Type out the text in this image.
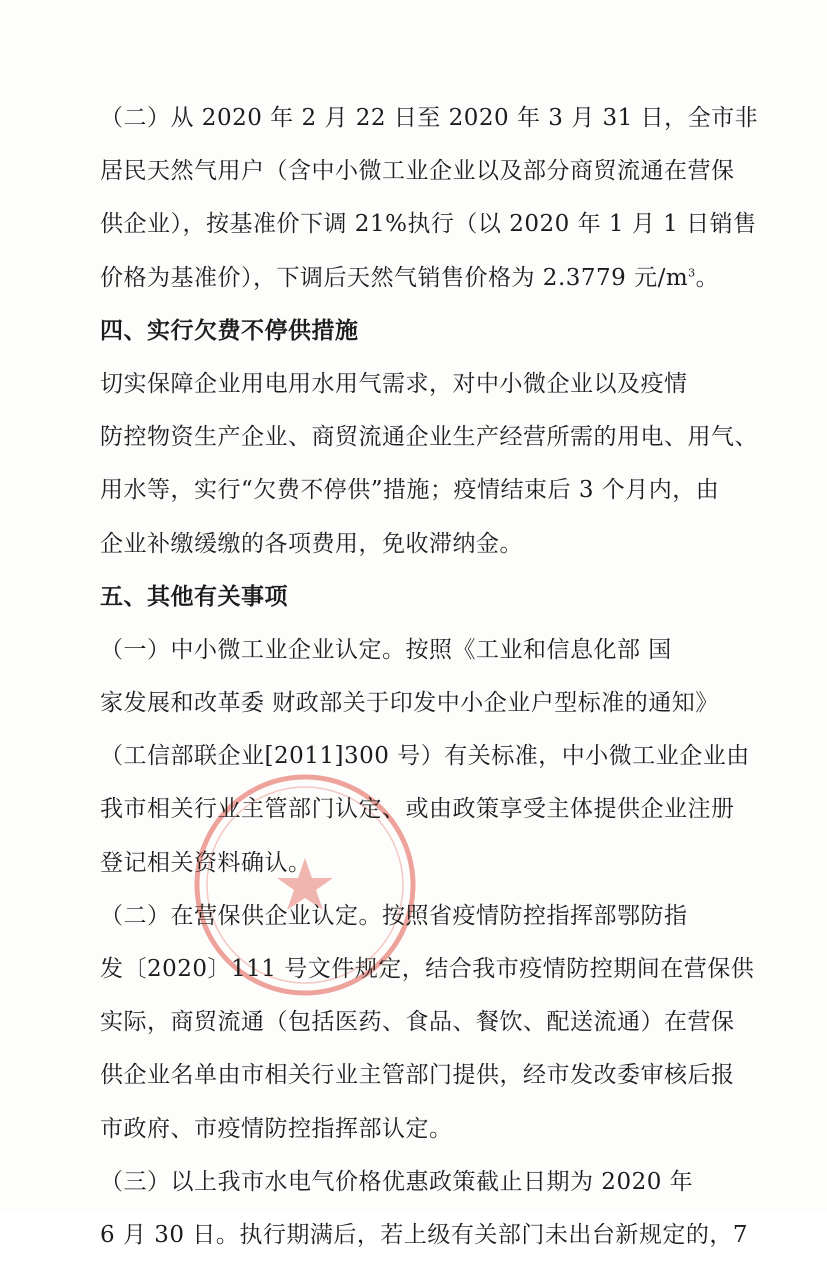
（二）从 2020 年 2 月 22 日至 2020 年 3 月 31 日，全市非
居民天然气用户（含中小微工业企业以及部分商贸流通在营保
供企业），按基准价下调 21%执行（以 2020 年 1 月 1 日销售
价格为基准价），下调后天然气销售价格为 2.3779 元$/m^3$。
四、实行欠费不停供措施
切实保障企业用电用水用气需求，对中小微企业以及疫情
防控物资生产企业、商贸流通企业生产经营所需的用电、用气、
用水等，实行“欠费不停供”措施；疫情结束后 3 个月内，由
企业补缴缓缴的各项费用，免收滞纳金。
五、其他有关事项
（一）中小微工业企业认定。按照《工业和信息化部 国
家发展和改革委 财政部关于印发中小企业户型标准的通知》
（工信部联企业[2011]300 号）有关标准，中小微工业企业由
我市相关行业主管部门认定、或由政策享受主体提供企业注册
登记相关资料确认。
（二）在营保供企业认定。按照省疫情防控指挥部鄂防指
发〔2020〕111 号文件规定，结合我市疫情防控期间在营保供
实际，商贸流通（包括医药、食品、餐饮、配送流通）在营保
供企业名单由市相关行业主管部门提供，经市发改委审核后报
市政府、市疫情防控指挥部认定。
（三）以上我市水电气价格优惠政策截止日期为 2020 年
6 月 30 日。执行期满后，若上级有关部门未出台新规定的，7
